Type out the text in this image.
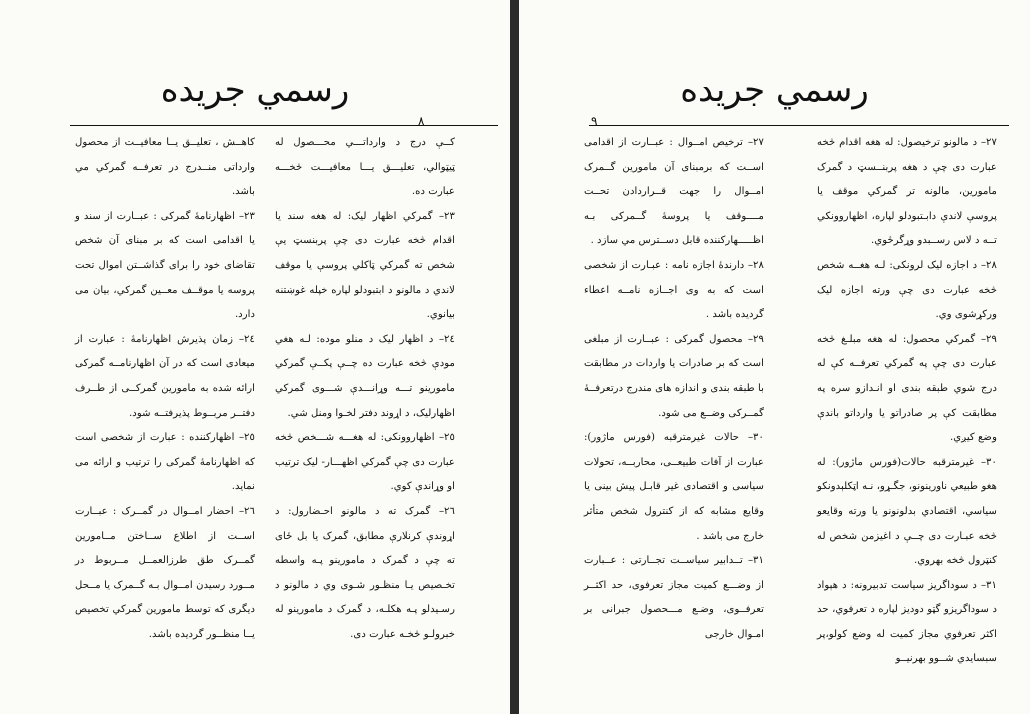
رسمي جريده
٨

کــې درج د وارداتـــي محـــصول له ټيټوالي، تعليـــق يـــا معافيـــت څخـــه عبارت ده.

٢٣– گمرکي اظهار ليک: له هغه سند يا اقدام څخه عبارت دی چې پربنسټ يې شخص ته گمرکي ټاکلي پروسې يا موقف لاندي د مالونو د ابتبودلو لپاره خپله غوښتنه بيانوي.

٢٤– د اظهار ليک د منلو موده: لـه هغي مودې څخه عبارت ده چــې پکــې گمرکي مامورينو تـــه وړانـــدې شـــوی گمرکي اظهارليک، د اړوند دفتر لخـوا ومنل شي.

٢٥– اظهاروونکی: له هغـــه شـــخص څخه عبارت دی چې گمرکي اظهـــار- ليک ترتيب او وړاندې کوي.

٢٦– گمرک ته د مالونو احـضارول: د اړوندې کرنلارې مطابق، گمرک يا بل ځای ته چې د گمرک د مامورينو پـه واسطه تخـصيص يـا منظـور شـوی وي د مالونو د رسـيدلو پـه هکلـه، د گمرک د مامورينو له خبرولـو څخـه عبارت دی.

کاهــش ، تعليــق يــا معافيــت از محصول وارداتی منــدرج در تعرفــه گمرکي مي باشد.

٢٣– اظهارنامهٔ گمرکی : عبــارت از سند و يا اقدامی است که بر مبنای آن شخص تقاضای خود را برای گذاشــتن اموال تحت پروسه يا موقــف معــين گمرکي، بيان می دارد.

٢٤– زمان پذيرش اظهارنامهٔ : عبارت از ميعادی است که در آن اظهارنامــه گمرکی ارائه شده به مامورين گمرکــی از طــرف دفتــر مربــوط پذيرفتــه شود.

٢٥– اظهارکننده : عبارت از شخصی است که اظهارنامهٔ گمرکی را ترتيب و ارائه می نمايد.

٢٦– احضار امــوال در گمــرک : عبــارت اســت از اطلاع ســاختن مــامورين گمــرک طق طرزالعمــل مــربوط در مــورد رسيدن امــوال بـه گــمرک يا مــحل ديگری که توسط مامورين گمرکي تخصيص يــا منظــور گرديده باشد.

رسمي جريده
٩

٢٧– د مالونو ترخيصول: له هغه اقدام څخه عبارت دی چې د هغه پربنــسټ د گمرک مامورين، مالونه تر گمرکي موقف يا پروسې لاندې دابـتبودلو لپاره، اظهاروونکي تــه د لاس رســبدو وړگرځوي.

٢٨– د اجازه ليک لرونکی: لـه هغــه شخص څخه عبارت دی چې ورته اجازه ليک ورکړشوی وي.

٢٩– گمرکي محصول: له هغه مبلـغ څخه عبارت دی چې په گمرکي تعرفــه کې له درج شوي طبقه بندی او انـدازو سره په مطابقت کې پر صادراتو يا وارداتو باندې وضع کيږي.

٣٠– غيرمترقبه حالات(فورس ماژور): له هغو طبيعي ناورينونو، جگـړو، نـه اټکلېدونکو سياسي، اقتصادي بدلونونو يا ورته وقايعو څخه عبـارت دی چــې د اغيزمن شخص له کنټرول څخه بهروي.

٣١– د سوداگريز سياست تدبيرونه: د هېواد د سوداگريزو گټو دوديز لپاره د تعرفوي، حد اکثر تعرفوي مجاز کميت له وضع کولو،پر سبسايدي شــوو بهرنيــو

٢٧– ترخيص امــوال : عبــارت از اقدامی اســت که برمبنای آن مامورين گــمرک امــوال را جهت قــراردادن تحــت مــــوقف يا پروسهٔ گــمرکی بـه اظـــــهارکننده قابل دســترس مي سازد .

٢٨– دارندهٔ اجازه نامه : عبـارت از شخصی است که به وی اجــازه نامــه اعطاء گرديده باشد .

٢٩– محصول گمرکی : عبــارت از مبلغی است که بر صادرات يا واردات در مطابقت با طبقه بندی و اندازه های مندرج درتعرفــهٔ گمــرکی وضــع می شود.

٣٠– حالات غيرمترقبه (فورس ماژور): عبارت از آفات طبيعــی، محاربــه، تحولات سياسی و اقتصادی غير قابـل پيش بينی يا وقايع مشابه که از کنترول شخص متأثر خارج می باشد .

٣١– تــدابير سياســت تجــارتی : عــبارت از وضـــع کميت مجاز تعرفوی، حد اکثــر تعرفــوی، وضـع مـــحصول جبرانی بر امـوال خارجی
